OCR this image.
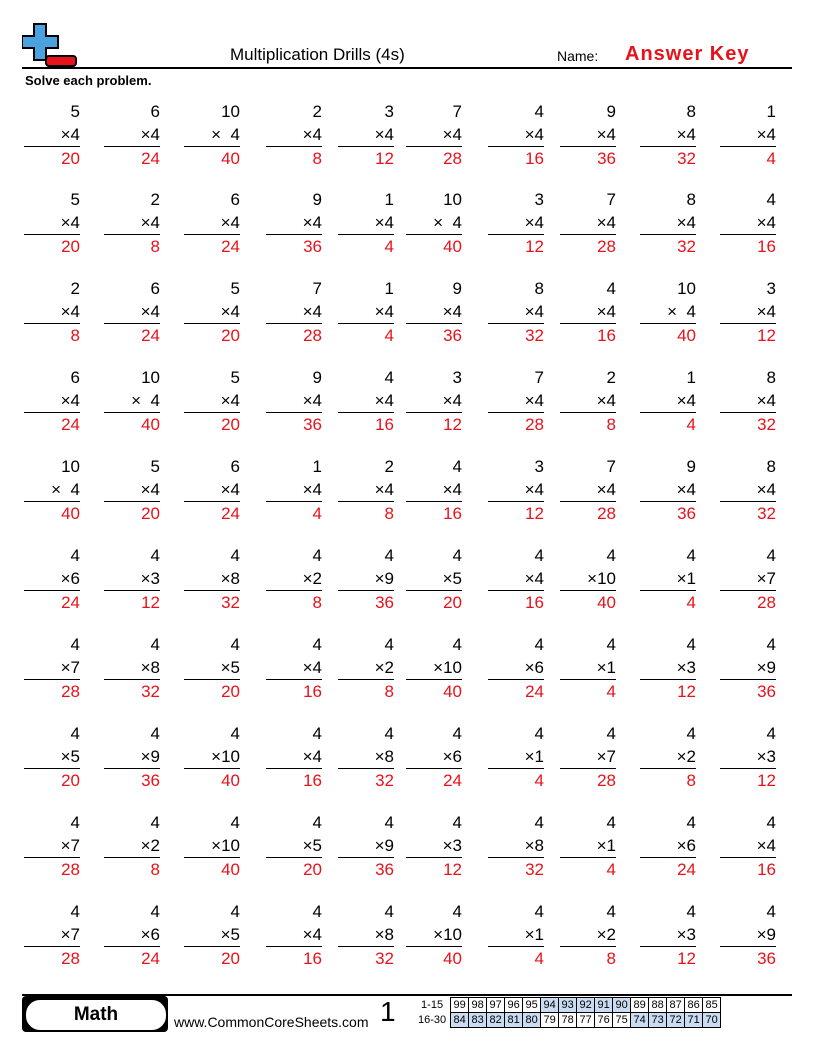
Multiplication Drills (4s)	Name: Answer Key
Solve each problem.
5
×4
20
6
×4
24
10
×  4
40
2
×4
8
3
×4
12
7
×4
28
4
×4
16
9
×4
36
8
×4
32
1
×4
4
5
×4
20
2
×4
8
6
×4
24
9
×4
36
1
×4
4
10
×  4
40
3
×4
12
7
×4
28
8
×4
32
4
×4
16
2
×4
8
6
×4
24
5
×4
20
7
×4
28
1
×4
4
9
×4
36
8
×4
32
4
×4
16
10
×  4
40
3
×4
12
6
×4
24
10
×  4
40
5
×4
20
9
×4
36
4
×4
16
3
×4
12
7
×4
28
2
×4
8
1
×4
4
8
×4
32
10
×  4
40
5
×4
20
6
×4
24
1
×4
4
2
×4
8
4
×4
16
3
×4
12
7
×4
28
9
×4
36
8
×4
32
4
×6
24
4
×3
12
4
×8
32
4
×2
8
4
×9
36
4
×5
20
4
×4
16
4
×10
40
4
×1
4
4
×7
28
4
×7
28
4
×8
32
4
×5
20
4
×4
16
4
×2
8
4
×10
40
4
×6
24
4
×1
4
4
×3
12
4
×9
36
4
×5
20
4
×9
36
4
×10
40
4
×4
16
4
×8
32
4
×6
24
4
×1
4
4
×7
28
4
×2
8
4
×3
12
4
×7
28
4
×2
8
4
×10
40
4
×5
20
4
×9
36
4
×3
12
4
×8
32
4
×1
4
4
×6
24
4
×4
16
4
×7
28
4
×6
24
4
×5
20
4
×4
16
4
×8
32
4
×10
40
4
×1
4
4
×2
8
4
×3
12
4
×9
36
Math	www.CommonCoreSheets.com 1 1-15	99	98	97	96	95	94	93	92	91	90	89	88	87	86	85
16-30	84	83	82	81	80	79	78	77	76	75	74	73	72	71	70
